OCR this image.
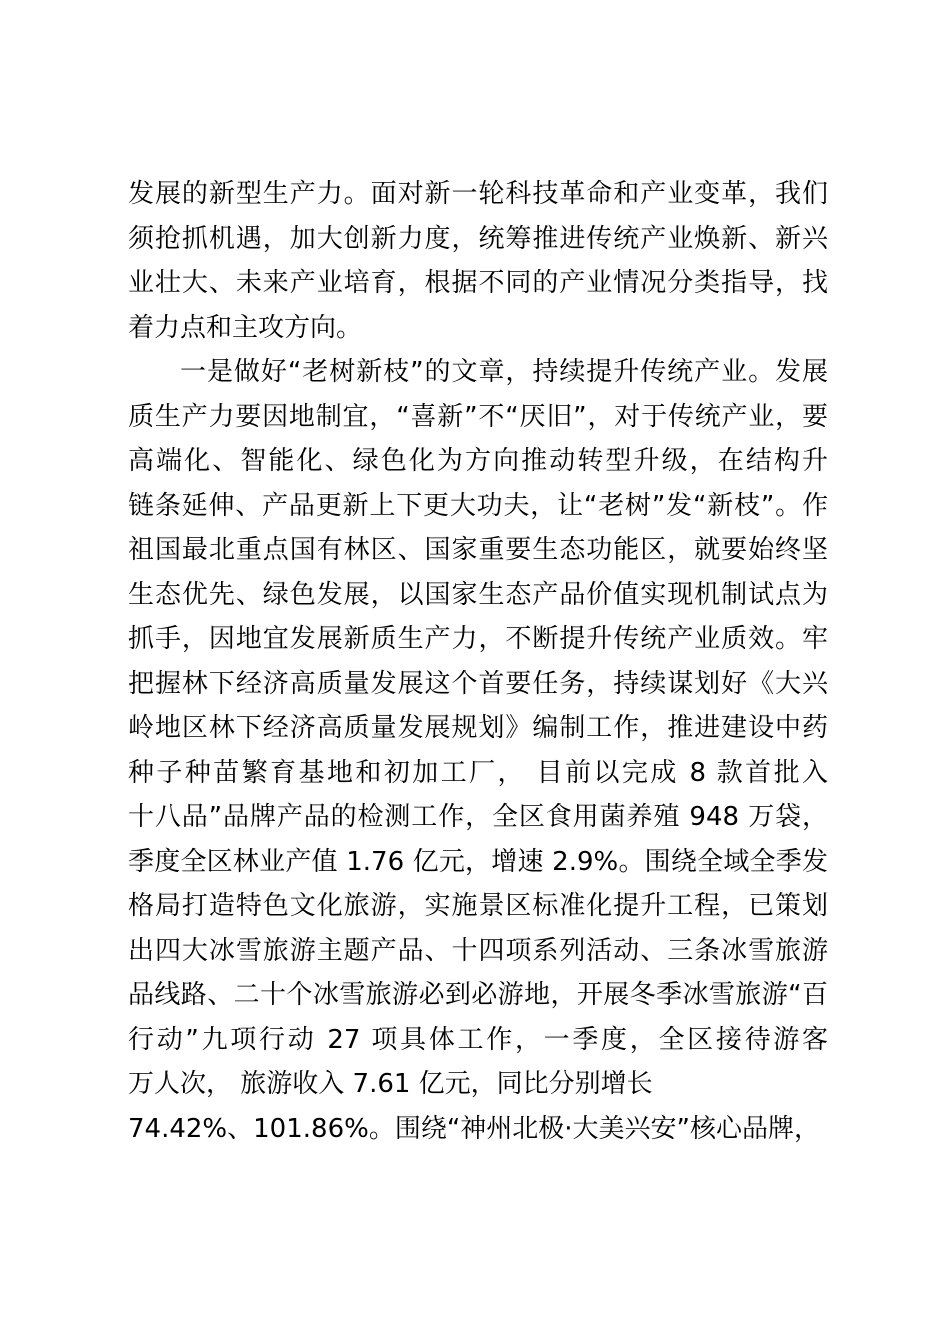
发展的新型生产力。面对新一轮科技革命和产业变革，我们
须抢抓机遇，加大创新力度，统筹推进传统产业焕新、新兴
业壮大、未来产业培育，根据不同的产业情况分类指导，找
着力点和主攻方向。
一是做好“老树新枝”的文章，持续提升传统产业。发展
质生产力要因地制宜，“喜新”不“厌旧”，对于传统产业，要
高端化、智能化、绿色化为方向推动转型升级，在结构升
链条延伸、产品更新上下更大功夫，让“老树”发“新枝”。作
祖国最北重点国有林区、国家重要生态功能区，就要始终坚
生态优先、绿色发展，以国家生态产品价值实现机制试点为
抓手，因地宜发展新质生产力，不断提升传统产业质效。牢
把握林下经济高质量发展这个首要任务，持续谋划好《大兴
岭地区林下经济高质量发展规划》编制工作，推进建设中药
种子种苗繁育基地和初加工厂， 目前以完成 8 款首批入
十八品”品牌产品的检测工作，全区食用菌养殖 948 万袋，
季度全区林业产值 1.76 亿元，增速 2.9%。围绕全域全季发
格局打造特色文化旅游，实施景区标准化提升工程，已策划
出四大冰雪旅游主题产品、十四项系列活动、三条冰雪旅游
品线路、二十个冰雪旅游必到必游地，开展冬季冰雪旅游“百
行动”九项行动 27 项具体工作，一季度，全区接待游客
万人次， 旅游收入 7.61 亿元，同比分别增长
74.42%、101.86%。围绕“神州北极·大美兴安”核心品牌，
